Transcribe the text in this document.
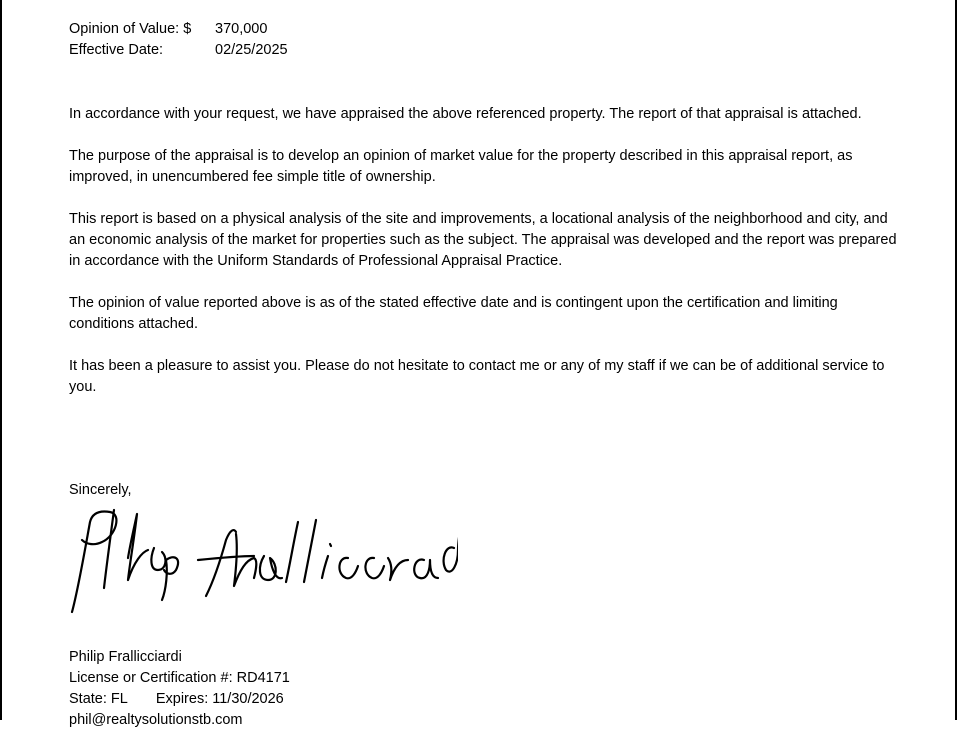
Opinion of Value: $	370,000
Effective Date:	02/25/2025

In accordance with your request, we have appraised the above referenced property. The report of that appraisal is attached.

The purpose of the appraisal is to develop an opinion of market value for the property described in this appraisal report, as improved, in unencumbered fee simple title of ownership.

This report is based on a physical analysis of the site and improvements, a locational analysis of the neighborhood and city, and an economic analysis of the market for properties such as the subject. The appraisal was developed and the report was prepared in accordance with the Uniform Standards of Professional Appraisal Practice.

The opinion of value reported above is as of the stated effective date and is contingent upon the certification and limiting conditions attached.

It has been a pleasure to assist you. Please do not hesitate to contact me or any of my staff if we can be of additional service to you.

Sincerely,
Philip Frallicciardi
License or Certification #: RD4171
State: FL Expires: 11/30/2026
phil@realtysolutionstb.com
